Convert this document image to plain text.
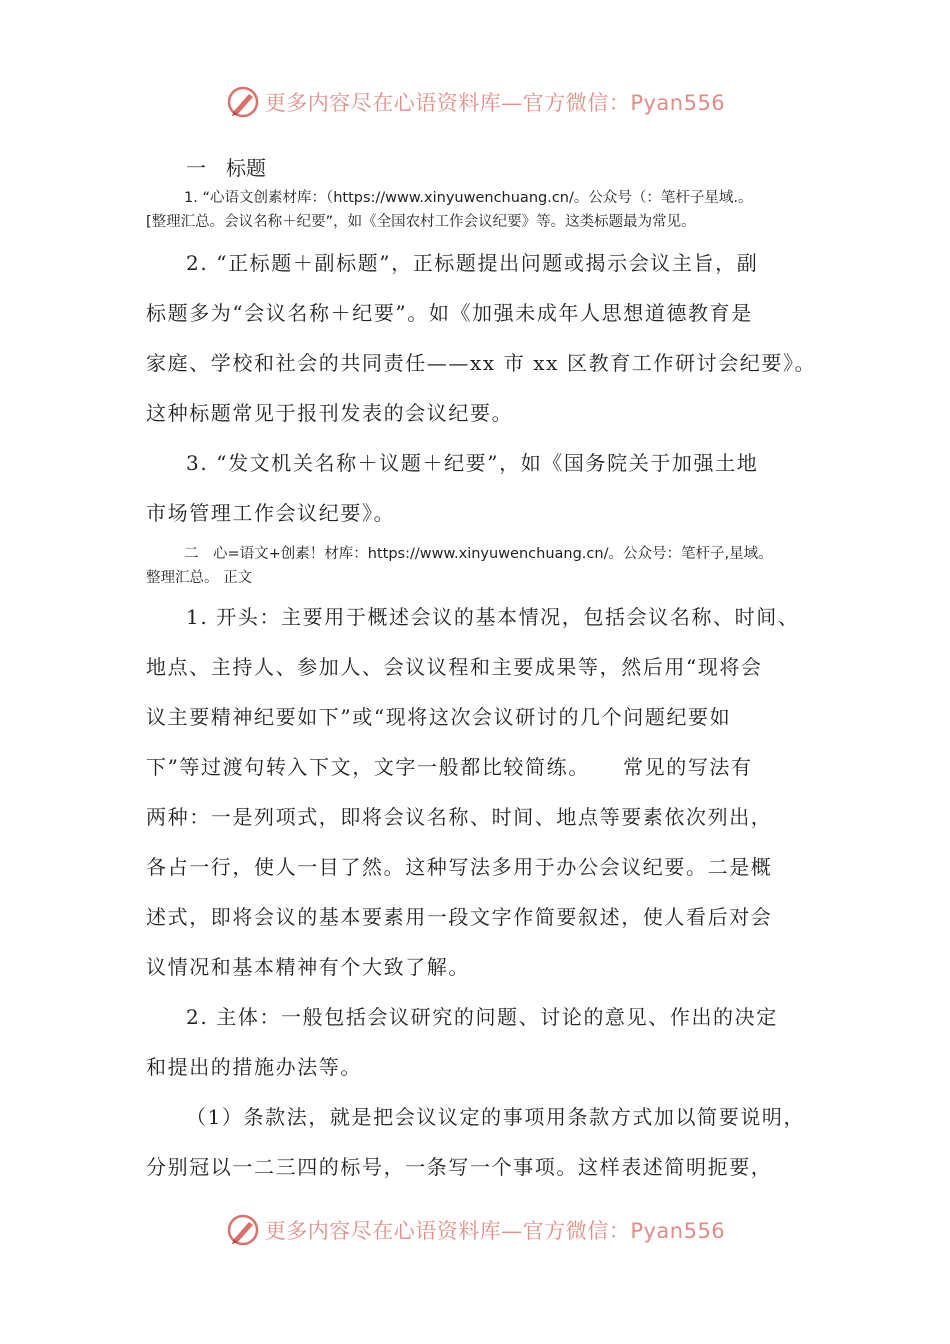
更多内容尽在心语资料库—官方微信：Pyan556

一　标题

1. “心语文创素材库：（https://www.xinyuwenchuang.cn/。公众号（：笔杆子星域.。

[整理汇总。会议名称＋纪要”，如《全国农村工作会议纪要》等。这类标题最为常见。

2. “正标题＋副标题”，正标题提出问题或揭示会议主旨，副
标题多为“会议名称＋纪要”。如《加强未成年人思想道德教育是
家庭、学校和社会的共同责任——xx 市 xx 区教育工作研讨会纪要》。
这种标题常见于报刊发表的会议纪要。
3. “发文机关名称＋议题＋纪要”，如《国务院关于加强土地
市场管理工作会议纪要》。

二　心=语文+创素！材库：https://www.xinyuwenchuang.cn/。公众号：笔杆子,星域。

整理汇总。 正文

1. 开头：主要用于概述会议的基本情况，包括会议名称、时间、
地点、主持人、参加人、会议议程和主要成果等，然后用“现将会
议主要精神纪要如下”或“现将这次会议研讨的几个问题纪要如
下”等过渡句转入下文，文字一般都比较简练。　　常见的写法有
两种：一是列项式，即将会议名称、时间、地点等要素依次列出，
各占一行，使人一目了然。这种写法多用于办公会议纪要。二是概
述式，即将会议的基本要素用一段文字作简要叙述，使人看后对会
议情况和基本精神有个大致了解。
2. 主体：一般包括会议研究的问题、讨论的意见、作出的决定
和提出的措施办法等。
（1）条款法，就是把会议议定的事项用条款方式加以简要说明，
分别冠以一二三四的标号，一条写一个事项。这样表述简明扼要，
更多内容尽在心语资料库—官方微信：Pyan556
